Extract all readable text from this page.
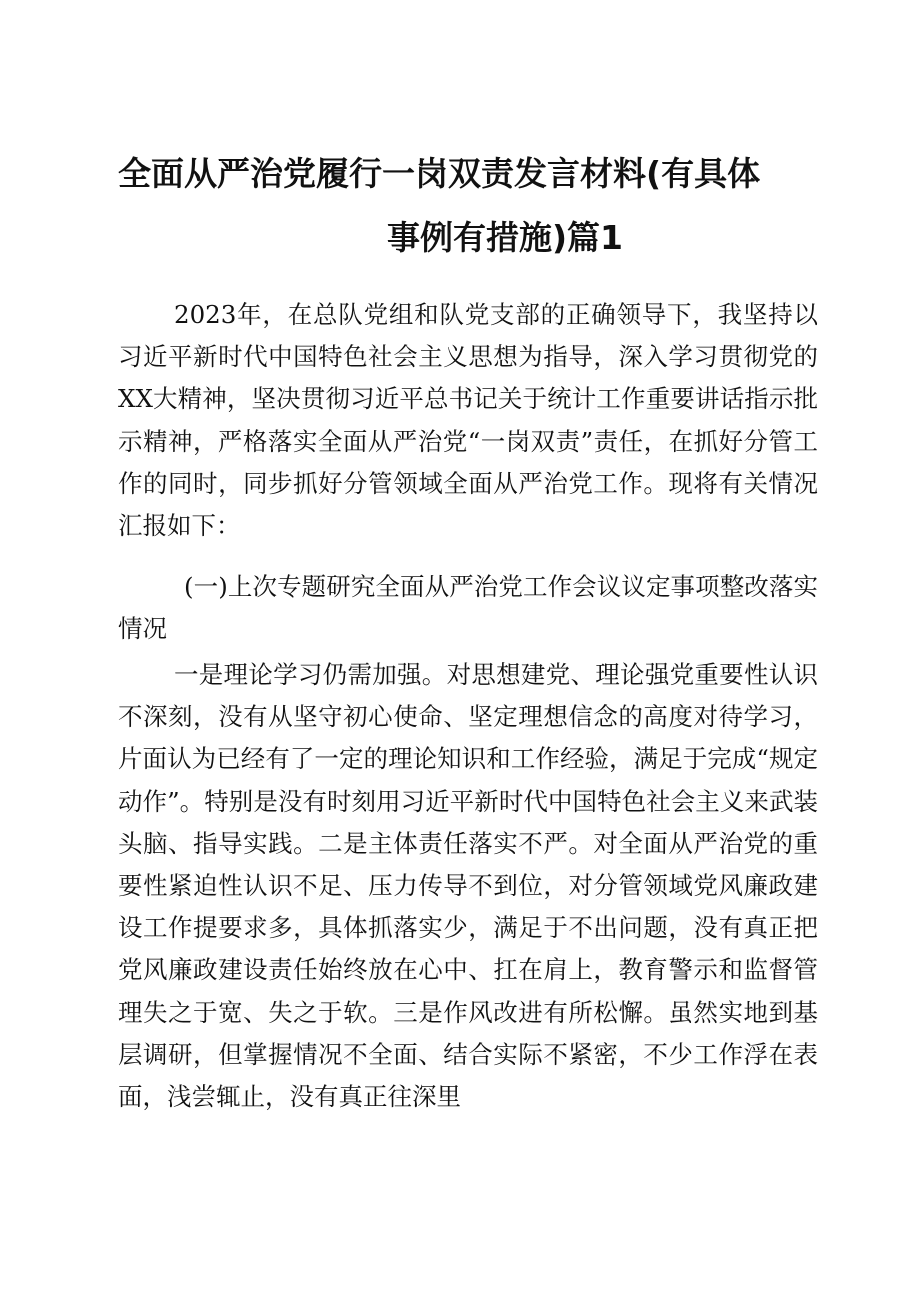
全面从严治党履行一岗双责发言材料(有具体
事例有措施)篇1

2023年，在总队党组和队党支部的正确领导下，我坚持以习近平新时代中国特色社会主义思想为指导，深入学习贯彻党的XX大精神，坚决贯彻习近平总书记关于统计工作重要讲话指示批示精神，严格落实全面从严治党“一岗双责”责任，在抓好分管工作的同时，同步抓好分管领域全面从严治党工作。现将有关情况汇报如下：

(一)上次专题研究全面从严治党工作会议议定事项整改落实情况

一是理论学习仍需加强。对思想建党、理论强党重要性认识不深刻，没有从坚守初心使命、坚定理想信念的高度对待学习，片面认为已经有了一定的理论知识和工作经验，满足于完成“规定动作”。特别是没有时刻用习近平新时代中国特色社会主义来武装头脑、指导实践。二是主体责任落实不严。对全面从严治党的重要性紧迫性认识不足、压力传导不到位，对分管领域党风廉政建设工作提要求多，具体抓落实少，满足于不出问题，没有真正把党风廉政建设责任始终放在心中、扛在肩上，教育警示和监督管理失之于宽、失之于软。三是作风改进有所松懈。虽然实地到基层调研，但掌握情况不全面、结合实际不紧密，不少工作浮在表面，浅尝辄止，没有真正往深里
